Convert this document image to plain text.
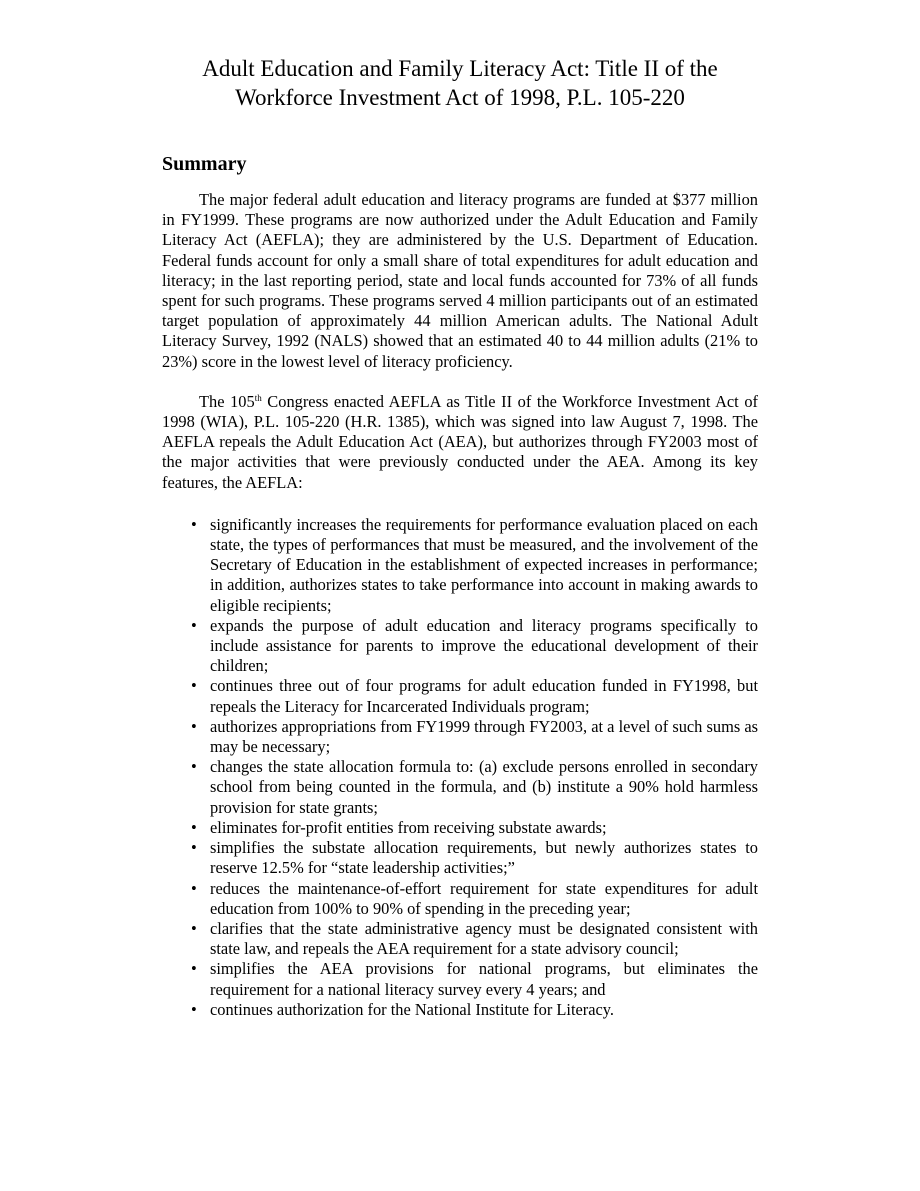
Adult Education and Family Literacy Act: Title II of the
Workforce Investment Act of 1998, P.L. 105-220
Summary

The major federal adult education and literacy programs are funded at $377 million in FY1999. These programs are now authorized under the Adult Education and Family Literacy Act (AEFLA); they are administered by the U.S. Department of Education. Federal funds account for only a small share of total expenditures for adult education and literacy; in the last reporting period, state and local funds accounted for 73% of all funds spent for such programs. These programs served 4 million participants out of an estimated target population of approximately 44 million American adults. The National Adult Literacy Survey, 1992 (NALS) showed that an estimated 40 to 44 million adults (21% to 23%) score in the lowest level of literacy proficiency.

The 105th Congress enacted AEFLA as Title II of the Workforce Investment Act of 1998 (WIA), P.L. 105-220 (H.R. 1385), which was signed into law August 7, 1998. The AEFLA repeals the Adult Education Act (AEA), but authorizes through FY2003 most of the major activities that were previously conducted under the AEA. Among its key features, the AEFLA:

• significantly increases the requirements for performance evaluation placed on each state, the types of performances that must be measured, and the involvement of the Secretary of Education in the establishment of expected increases in performance; in addition, authorizes states to take performance into account in making awards to eligible recipients;
• expands the purpose of adult education and literacy programs specifically to include assistance for parents to improve the educational development of their children;
• continues three out of four programs for adult education funded in FY1998, but repeals the Literacy for Incarcerated Individuals program;
• authorizes appropriations from FY1999 through FY2003, at a level of such sums as may be necessary;
• changes the state allocation formula to: (a) exclude persons enrolled in secondary school from being counted in the formula, and (b) institute a 90% hold harmless provision for state grants;
• eliminates for-profit entities from receiving substate awards;
• simplifies the substate allocation requirements, but newly authorizes states to reserve 12.5% for “state leadership activities;”
• reduces the maintenance-of-effort requirement for state expenditures for adult education from 100% to 90% of spending in the preceding year;
• clarifies that the state administrative agency must be designated consistent with state law, and repeals the AEA requirement for a state advisory council;
• simplifies the AEA provisions for national programs, but eliminates the requirement for a national literacy survey every 4 years; and
• continues authorization for the National Institute for Literacy.
